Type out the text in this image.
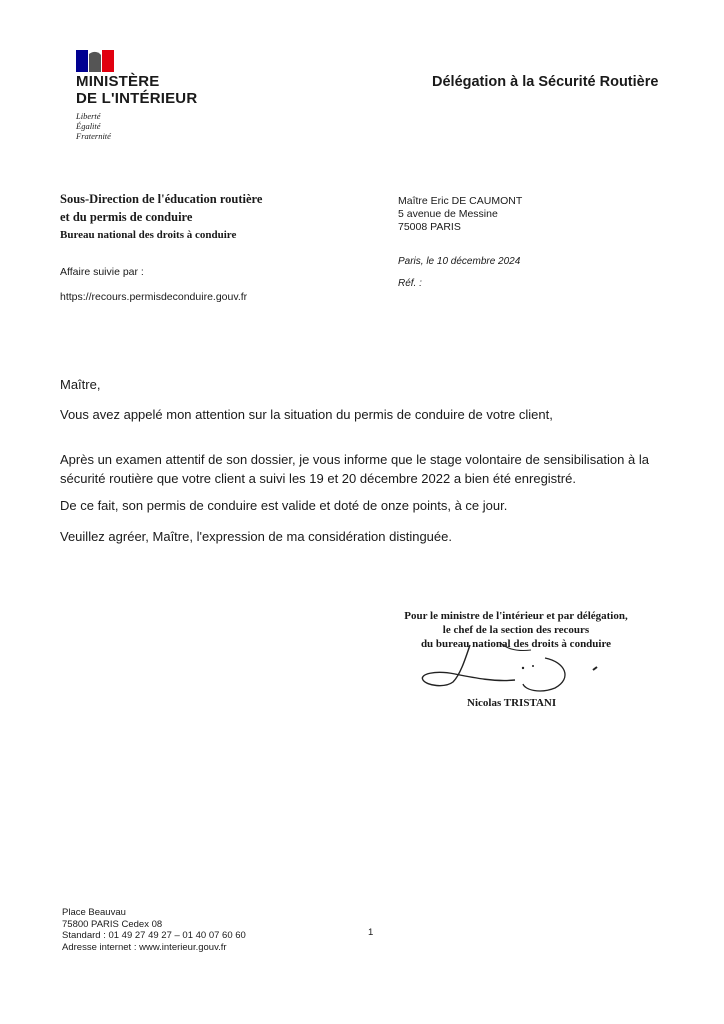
MINISTÈRE
DE L'INTÉRIEUR
Liberté
Égalité
Fraternité
Délégation à la Sécurité Routière
Sous-Direction de l'éducation routière
et du permis de conduire
Bureau national des droits à conduire
Affaire suivie par :
https://recours.permisdeconduire.gouv.fr
Maître Eric DE CAUMONT
5 avenue de Messine
75008 PARIS
Paris, le 10 décembre 2024
Réf. :
Maître,
Vous avez appelé mon attention sur la situation du permis de conduire de votre client,
Après un examen attentif de son dossier, je vous informe que le stage volontaire de sensibilisation à la sécurité routière que votre client a suivi les 19 et 20 décembre 2022 a bien été enregistré.
De ce fait, son permis de conduire est valide et doté de onze points, à ce jour.
Veuillez agréer, Maître, l'expression de ma considération distinguée.
Pour le ministre de l'intérieur et par délégation,
le chef de la section des recours
du bureau national des droits à conduire
Nicolas TRISTANI
Place Beauvau
75800 PARIS Cedex 08
Standard : 01 49 27 49 27 – 01 40 07 60 60
Adresse internet : www.interieur.gouv.fr
1
